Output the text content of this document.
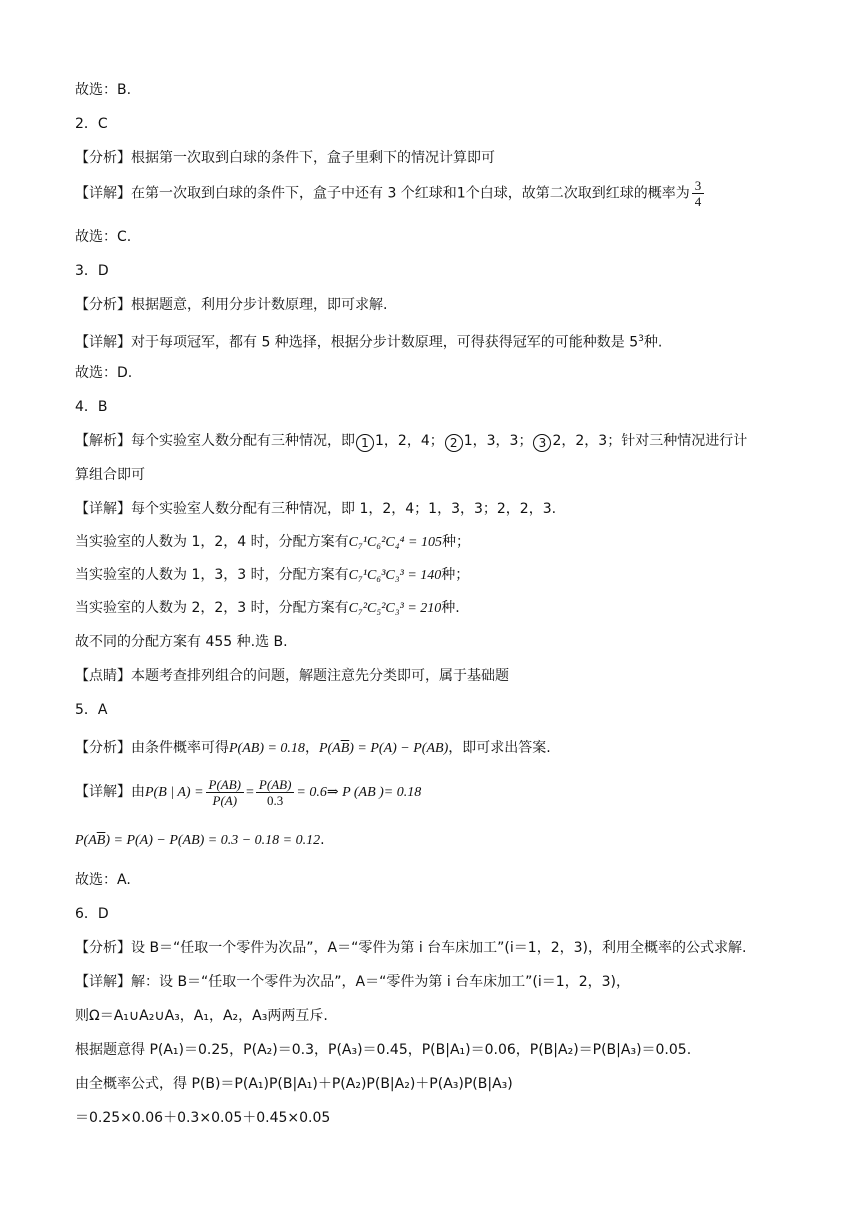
故选：B.
2．C
【分析】根据第一次取到白球的条件下，盒子里剩下的情况计算即可
【详解】在第一次取到白球的条件下，盒子中还有 3 个红球和1个白球，故第二次取到红球的概率为 $\frac{3}{4}$
故选：C.
3．D
【分析】根据题意，利用分步计数原理，即可求解.
【详解】对于每项冠军，都有 5 种选择，根据分步计数原理，可得获得冠军的可能种数是 $5^3$种.
故选：D.
4．B
【解析】每个实验室人数分配有三种情况，即 1 1，2，4； 2 1，3，3； 3 2，2，3；针对三种情况进行计
算组合即可
【详解】每个实验室人数分配有三种情况，即 1，2，4；1，3，3；2，2，3.
当实验室的人数为 1，2，4 时，分配方案有C₇¹C₆²C₄⁴ = 105种；
当实验室的人数为 1，3，3 时，分配方案有C₇¹C₆³C₃³ = 140种；
当实验室的人数为 2，2，3 时，分配方案有C₇²C₅²C₃³ = 210种.
故不同的分配方案有 455 种.选 B.
【点睛】本题考查排列组合的问题，解题注意先分类即可，属于基础题
5．A
【分析】由条件概率可得P(AB) = 0.18，$P(A\overline{B}) = P(A) - P(AB)$，即可求出答案.
【详解】由P(B | $A) = \frac{P(AB)}{P(A)} = \frac{P(AB)}{0.3}$ = 0.6⇒ P (AB )= 0.18
$P(A\overline{B}) = P(A) - P(AB) = 0.3 - 0.18 = 0.12$.
故选：A.
6．D
【分析】设 B＝“任取一个零件为次品”，A＝“零件为第 i 台车床加工”(i＝1，2，3)，利用全概率的公式求解.
【详解】解：设 B＝“任取一个零件为次品”，A＝“零件为第 i 台车床加工”(i＝1，2，3)，
则Ω＝A₁∪A₂∪A₃，A₁，A₂，A₃两两互斥.
根据题意得 P(A₁)＝0.25，P(A₂)＝0.3，P(A₃)＝0.45，P(B|A₁)＝0.06，P(B|A₂)＝P(B|A₃)＝0.05.
由全概率公式，得 P(B)＝P(A₁)P(B|A₁)＋P(A₂)P(B|A₂)＋P(A₃)P(B|A₃)
＝0.25×0.06＋0.3×0.05＋0.45×0.05
